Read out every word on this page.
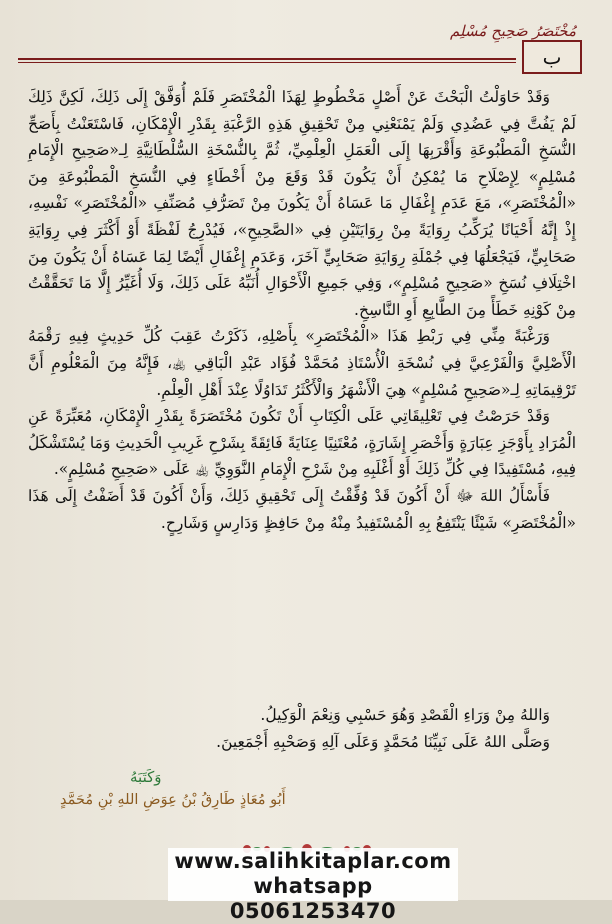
مُخْتَصَرُ صَحِيحِ مُسْلِم
ب

وَقَدْ حَاوَلْتُ الْبَحْثَ عَنْ أَصْلٍ مَخْطُوطٍ لِهَذَا الْمُخْتَصَرِ فَلَمْ أُوَفَّقْ إِلَى ذَلِكَ، لَكِنَّ ذَلِكَ لَمْ يَفُتَّ فِي عَضُدِي وَلَمْ يَمْنَعْنِي مِنْ تَحْقِيقِ هَذِهِ الرَّغْبَةِ بِقَدْرِ الْإِمْكَانِ، فَاسْتَعَنْتُ بِأَصَحِّ النُّسَخِ الْمَطْبُوعَةِ وَأَقْرَبِهَا إِلَى الْعَمَلِ الْعِلْمِيِّ، ثُمَّ بِالنُّسْخَةِ السُّلْطَانِيَّةِ لِـ«صَحِيحِ الْإِمَامِ مُسْلِمٍ» لِإِصْلَاحِ مَا يُمْكِنُ أَنْ يَكُونَ قَدْ وَقَعَ مِنْ أَخْطَاءٍ فِي النُّسَخِ الْمَطْبُوعَةِ مِنَ «الْمُخْتَصَرِ»، مَعَ عَدَمِ إِغْفَالِ مَا عَسَاهُ أَنْ يَكُونَ مِنْ تَصَرُّفِ مُصَنِّفِ «الْمُخْتَصَرِ» نَفْسِهِ، إِذْ إِنَّهُ أَحْيَانًا يُرَكِّبُ رِوَايَةً مِنْ رِوَايَتَيْنِ فِي «الصَّحِيحِ»، فَيُدْرِجُ لَفْظَةً أَوْ أَكْثَرَ فِي رِوَايَةِ صَحَابِيٍّ، فَيَجْعَلُهَا فِي جُمْلَةِ رِوَايَةِ صَحَابِيٍّ آخَرَ، وَعَدَمِ إِغْفَالِ أَيْضًا لِمَا عَسَاهُ أَنْ يَكُونَ مِنَ اخْتِلَافِ نُسَخِ «صَحِيحِ مُسْلِمٍ»، وَفِي جَمِيعِ الْأَحْوَالِ أُنَبِّهُ عَلَى ذَلِكَ، وَلَا أُغَيِّرُ إِلَّا مَا تَحَقَّقْتُ مِنْ كَوْنِهِ خَطَأً مِنَ الطَّابِعِ أَوِ النَّاسِخِ.

وَرَغْبَةً مِنِّي فِي رَبْطِ هَذَا «الْمُخْتَصَرِ» بِأَصْلِهِ، ذَكَرْتُ عَقِبَ كُلِّ حَدِيثٍ فِيهِ رَقْمَهُ الْأَصْلِيَّ وَالْفَرْعِيَّ فِي نُسْخَةِ الْأُسْتَاذِ مُحَمَّدْ فُؤَاد عَبْدِ الْبَاقِي ﵀، فَإِنَّهُ مِنَ الْمَعْلُومِ أَنَّ تَرْقِيمَاتِهِ لِـ«صَحِيحِ مُسْلِمٍ» هِيَ الْأَشْهَرُ وَالْأَكْثَرُ تَدَاوُلًا عِنْدَ أَهْلِ الْعِلْمِ.

وَقَدْ حَرَصْتُ فِي تَعْلِيقَاتِي عَلَى الْكِتَابِ أَنْ تَكُونَ مُخْتَصَرَةً بِقَدْرِ الْإِمْكَانِ، مُعَبِّرَةً عَنِ الْمُرَادِ بِأَوْجَزِ عِبَارَةٍ وَأَخْصَرِ إِشَارَةٍ، مُعْتَنِيًا عِنَايَةً فَائِقَةً بِشَرْحِ غَرِيبِ الْحَدِيثِ وَمَا يُسْتَشْكَلُ فِيهِ، مُسْتَفِيدًا فِي كُلِّ ذَلِكَ أَوْ أَغْلَبِهِ مِنْ شَرْحِ الْإِمَامِ النَّوَوِيِّ ﵀ عَلَى «صَحِيحِ مُسْلِمٍ».

فَأَسْأَلُ اللهَ ﷻ أَنْ أَكُونَ قَدْ وُفِّقْتُ إِلَى تَحْقِيقِ ذَلِكَ، وَأَنْ أَكُونَ قَدْ أَضَفْتُ إِلَى هَذَا «الْمُخْتَصَرِ» شَيْئًا يَنْتَفِعُ بِهِ الْمُسْتَفِيدُ مِنْهُ مِنْ حَافِظٍ وَدَارِسٍ وَشَارِحٍ.

وَاللهُ مِنْ وَرَاءِ الْقَصْدِ وَهُوَ حَسْبِي وَنِعْمَ الْوَكِيلُ.
وَصَلَّى اللهُ عَلَى نَبِيِّنَا مُحَمَّدٍ وَعَلَى آلِهِ وَصَحْبِهِ أَجْمَعِينَ.
وَكَتَبَهُ
أَبُو مُعَاذٍ طَارِقُ بْنُ عِوَضِ اللهِ بْنِ مُحَمَّدٍ
www.salihkitaplar.com
whatsapp 05061253470
